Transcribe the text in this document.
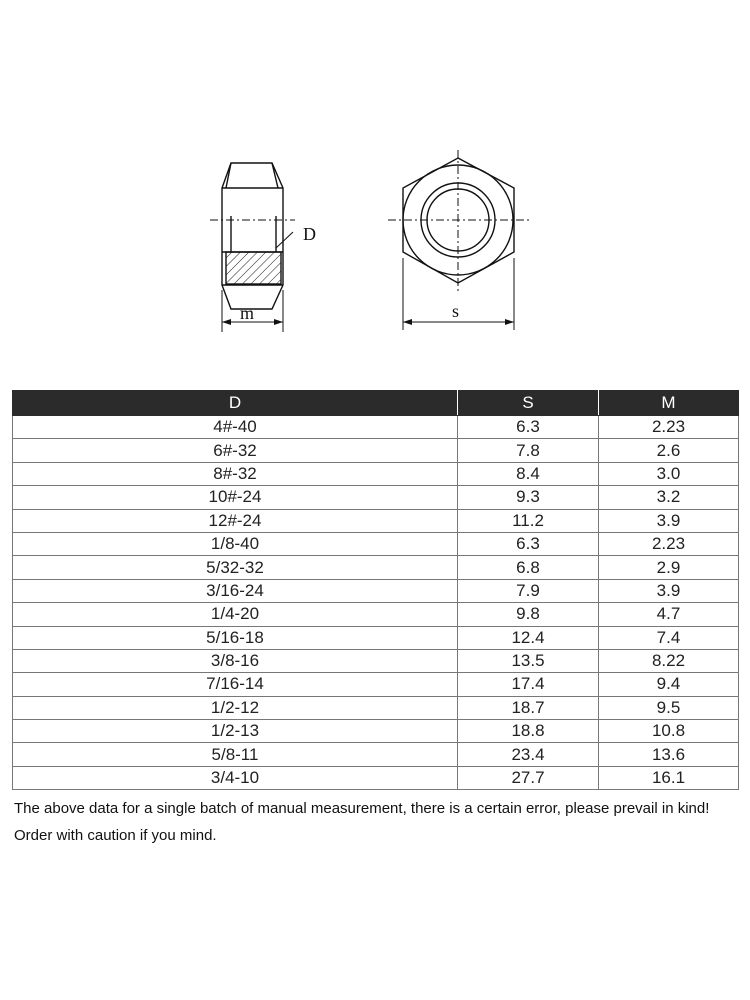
D
m	s
D	S	M
4#-40	6.3	2.23
6#-32	7.8	2.6
8#-32	8.4	3.0
10#-24	9.3	3.2
12#-24	11.2	3.9
1/8-40	6.3	2.23
5/32-32	6.8	2.9
3/16-24	7.9	3.9
1/4-20	9.8	4.7
5/16-18	12.4	7.4
3/8-16	13.5	8.22
7/16-14	17.4	9.4
1/2-12	18.7	9.5
1/2-13	18.8	10.8
5/8-11	23.4	13.6
3/4-10	27.7	16.1
The above data for a single batch of manual measurement, there is a certain error, please prevail in kind! Order with caution if you mind.
